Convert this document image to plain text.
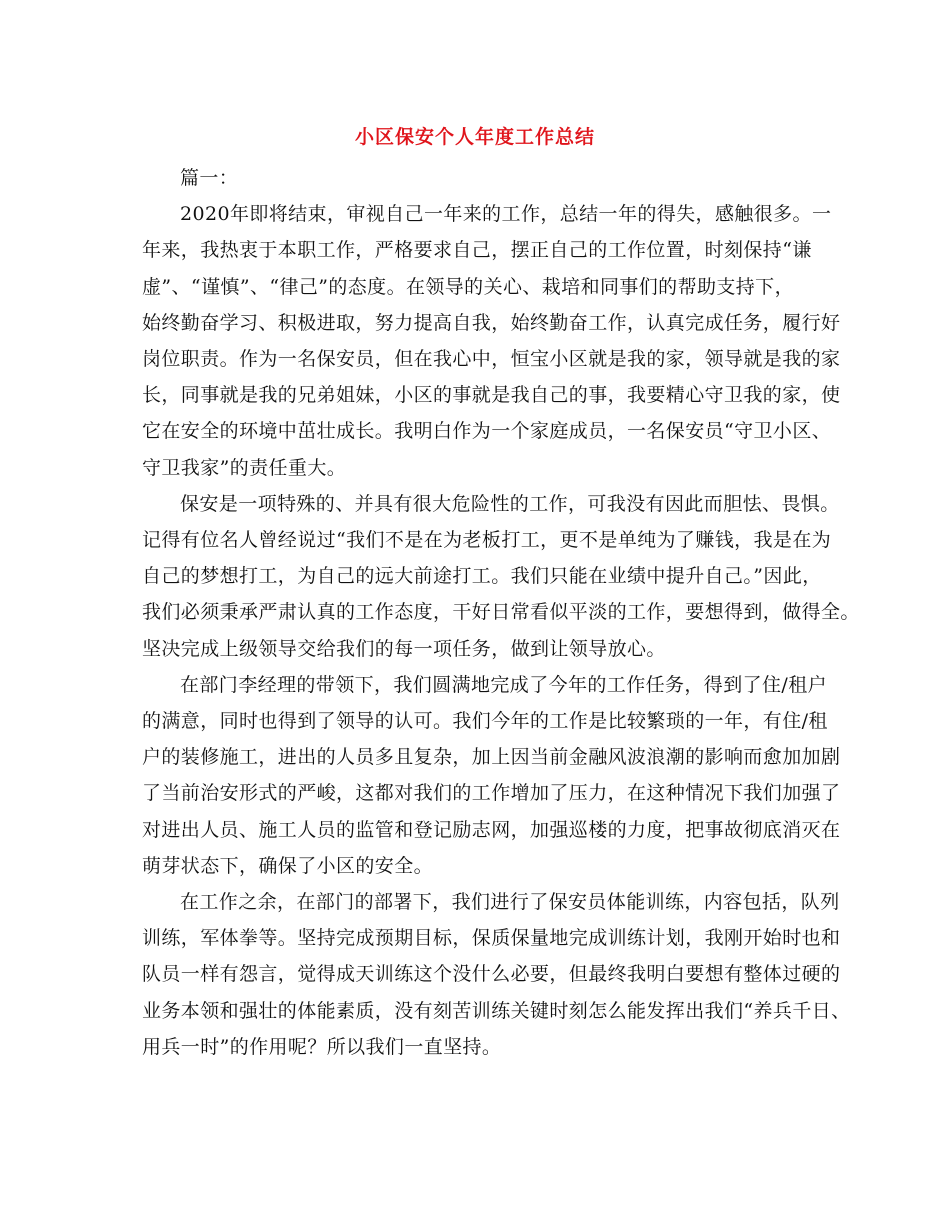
小区保安个人年度工作总结

篇一：

2020年即将结束，审视自己一年来的工作，总结一年的得失，感触很多。一
年来，我热衷于本职工作，严格要求自己，摆正自己的工作位置，时刻保持“谦
虚”、“谨慎”、“律己”的态度。在领导的关心、栽培和同事们的帮助支持下，
始终勤奋学习、积极进取，努力提高自我，始终勤奋工作，认真完成任务，履行好
岗位职责。作为一名保安员，但在我心中，恒宝小区就是我的家，领导就是我的家
长，同事就是我的兄弟姐妹，小区的事就是我自己的事，我要精心守卫我的家，使
它在安全的环境中茁壮成长。我明白作为一个家庭成员，一名保安员“守卫小区、
守卫我家”的责任重大。

保安是一项特殊的、并具有很大危险性的工作，可我没有因此而胆怯、畏惧。
记得有位名人曾经说过“我们不是在为老板打工，更不是单纯为了赚钱，我是在为
自己的梦想打工，为自己的远大前途打工。我们只能在业绩中提升自己。”因此，
我们必须秉承严肃认真的工作态度，干好日常看似平淡的工作，要想得到，做得全。
坚决完成上级领导交给我们的每一项任务，做到让领导放心。

在部门李经理的带领下，我们圆满地完成了今年的工作任务，得到了住/租户
的满意，同时也得到了领导的认可。我们今年的工作是比较繁琐的一年，有住/租
户的装修施工，进出的人员多且复杂，加上因当前金融风波浪潮的影响而愈加加剧
了当前治安形式的严峻，这都对我们的工作增加了压力，在这种情况下我们加强了
对进出人员、施工人员的监管和登记励志网，加强巡楼的力度，把事故彻底消灭在
萌芽状态下，确保了小区的安全。

在工作之余，在部门的部署下，我们进行了保安员体能训练，内容包括，队列
训练，军体拳等。坚持完成预期目标，保质保量地完成训练计划，我刚开始时也和
队员一样有怨言，觉得成天训练这个没什么必要，但最终我明白要想有整体过硬的
业务本领和强壮的体能素质，没有刻苦训练关键时刻怎么能发挥出我们“养兵千日、
用兵一时”的作用呢？所以我们一直坚持。
